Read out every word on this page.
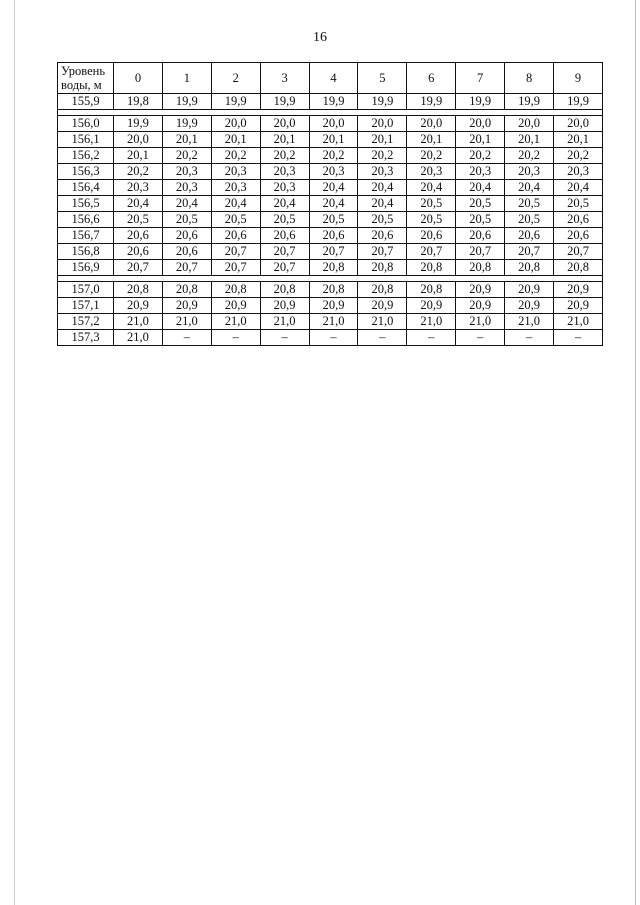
16
Уровень
воды, м	0	1	2	3	4	5	6	7	8	9
155,9	19,8	19,9	19,9	19,9	19,9	19,9	19,9	19,9	19,9	19,9

156,0	19,9	19,9	20,0	20,0	20,0	20,0	20,0	20,0	20,0	20,0
156,1	20,0	20,1	20,1	20,1	20,1	20,1	20,1	20,1	20,1	20,1
156,2	20,1	20,2	20,2	20,2	20,2	20,2	20,2	20,2	20,2	20,2
156,3	20,2	20,3	20,3	20,3	20,3	20,3	20,3	20,3	20,3	20,3
156,4	20,3	20,3	20,3	20,3	20,4	20,4	20,4	20,4	20,4	20,4
156,5	20,4	20,4	20,4	20,4	20,4	20,4	20,5	20,5	20,5	20,5
156,6	20,5	20,5	20,5	20,5	20,5	20,5	20,5	20,5	20,5	20,6
156,7	20,6	20,6	20,6	20,6	20,6	20,6	20,6	20,6	20,6	20,6
156,8	20,6	20,6	20,7	20,7	20,7	20,7	20,7	20,7	20,7	20,7
156,9	20,7	20,7	20,7	20,7	20,8	20,8	20,8	20,8	20,8	20,8

157,0	20,8	20,8	20,8	20,8	20,8	20,8	20,8	20,9	20,9	20,9
157,1	20,9	20,9	20,9	20,9	20,9	20,9	20,9	20,9	20,9	20,9
157,2	21,0	21,0	21,0	21,0	21,0	21,0	21,0	21,0	21,0	21,0
157,3	21,0	–	–	–	–	–	–	–	–	–
